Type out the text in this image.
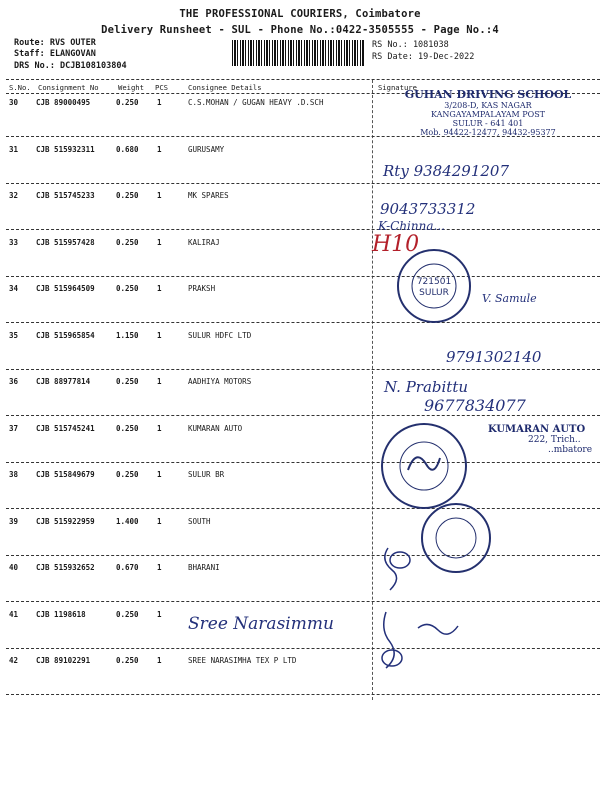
THE PROFESSIONAL COURIERS, Coimbatore
Delivery Runsheet - SUL - Phone No.:0422-3505555 - Page No.:4
Route: RVS OUTER
Staff: ELANGOVAN
DRS No.: DCJB108103804
RS No.: 1081038
RS Date: 19-Dec-2022
S.No. Consignment No	Weight PCS	Consignee Details	Signature
30 CJB 89000495	0.250 1	C.S.MOHAN / GUGAN HEAVY .D.SCH
31 CJB 515932311	0.680 1	GURUSAMY
32 CJB 515745233	0.250 1	MK SPARES
33 CJB 515957428	0.250 1	KALIRAJ
34 CJB 515964509	0.250 1	PRAKSH
35 CJB 515965854	1.150 1	SULUR HDFC LTD
36 CJB 88977814	0.250 1	AADHIYA MOTORS
37 CJB 515745241	0.250 1	KUMARAN AUTO
38 CJB 515849679	0.250 1	SULUR BR
39 CJB 515922959	1.400 1	SOUTH
40 CJB 515932652	0.670 1	BHARANI
41 CJB 1198618	0.250 1
42 CJB 89102291	0.250 1	SREE NARASIMHA TEX P LTD
GUHAN DRIVING SCHOOL
3/208-D, KAS NAGAR
KANGAYAMPALAYAM POST
SULUR - 641 401
Mob. 94422-12477, 94432-95377
Rty 9384291207
9043733312
K-Chinna...
H10
V. Samule
9791302140
N. Prabittu
9677834077
Sree Narasimmu
721501
SULUR
KUMARAN AUTO
222, Trich..
..mbatore
